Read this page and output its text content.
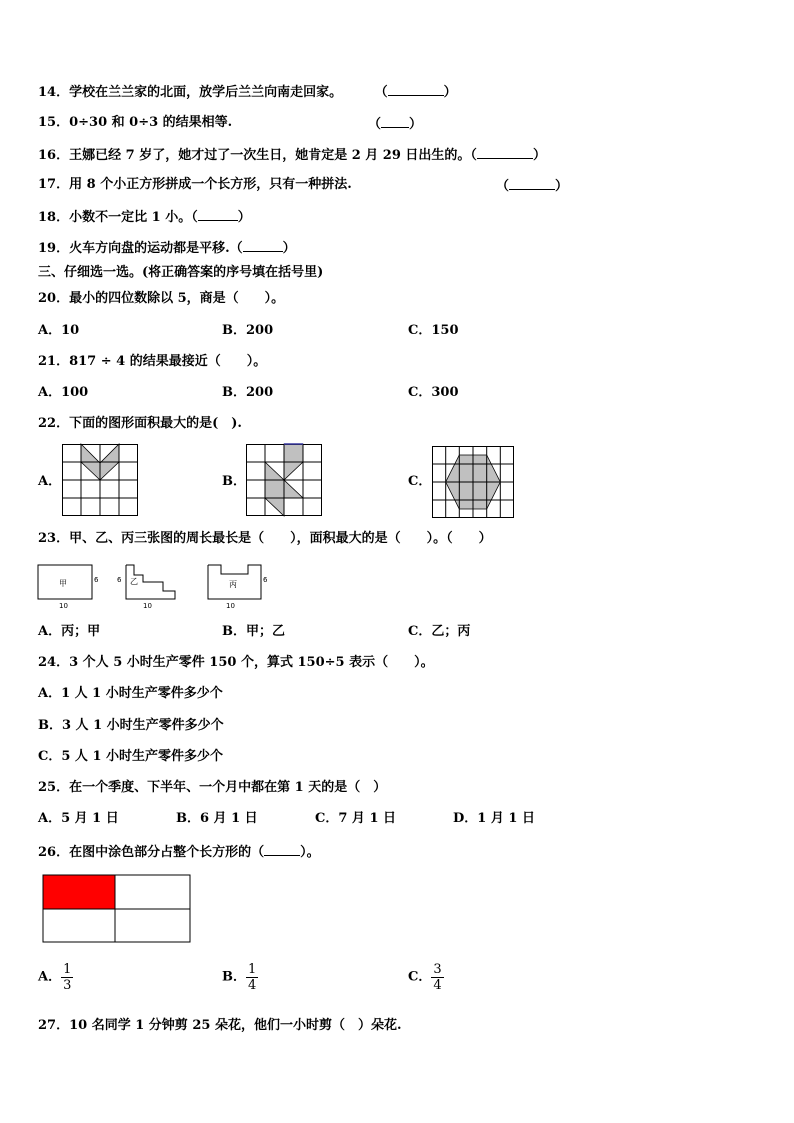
14．学校在兰兰家的北面，放学后兰兰向南走回家。	（	）
15．0÷30 和 0÷3 的结果相等.	（ ）
16．王娜已经 7 岁了，她才过了一次生日，她肯定是 2 月 29 日出生的。（	）
17．用 8 个小正方形拼成一个长方形，只有一种拼法.	（	）
18．小数不一定比 1 小。（	）
19．火车方向盘的运动都是平移.（	）
三、仔细选一选。(将正确答案的序号填在括号里)
20．最小的四位数除以 5，商是（　　）。
A．10	B．200	C．150
21．817 ÷ 4 的结果最接近（　　）。
A．100	B．200	C．300
22．下面的图形面积最大的是(　).
A．	B．	C．
23．甲、乙、丙三张图的周长最长是（　　），面积最大的是（　　）。（　　）
甲	6
10
6 乙
10
丙	6
10
A．丙；甲	B．甲；乙	C．乙；丙
24．3 个人 5 小时生产零件 150 个，算式 150÷5 表示（　　）。
A．1 人 1 小时生产零件多少个
B．3 人 1 小时生产零件多少个
C．5 人 1 小时生产零件多少个
25．在一个季度、下半年、一个月中都在第 1 天的是（　）
A．5 月 1 日	B．6 月 1 日	C．7 月 1 日	D．1 月 1 日
26．在图中涂色部分占整个长方形的（	）。
A． $\frac{1}{3}$	B． $\frac{1}{4}$	C． $\frac{3}{4}$
27．10 名同学 1 分钟剪 25 朵花，他们一小时剪（　）朵花.
